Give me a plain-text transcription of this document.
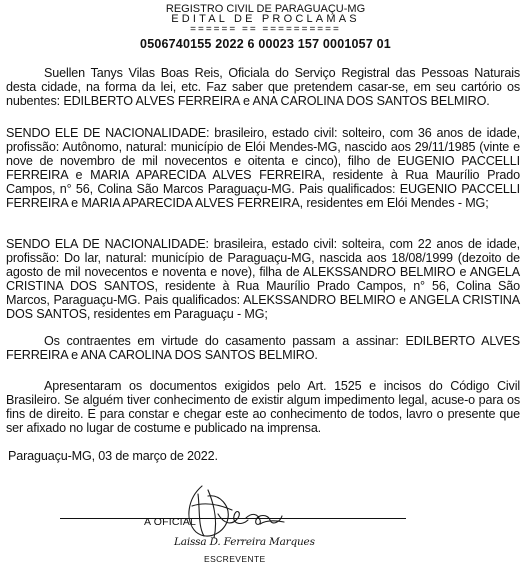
REGISTRO CIVIL DE PARAGUAÇU-MG
EDITAL DE PROCLAMAS
====== == ==========
0506740155 2022 6 00023 157 0001057 01

Suellen Tanys Vilas Boas Reis, Oficiala do Serviço Registral das Pessoas Naturais desta cidade, na forma da lei, etc. Faz saber que pretendem casar-se, em seu cartório os nubentes: EDILBERTO ALVES FERREIRA e ANA CAROLINA DOS SANTOS BELMIRO.

SENDO ELE DE NACIONALIDADE: brasileiro, estado civil: solteiro, com 36 anos de idade, profissão: Autônomo, natural: município de Elói Mendes-MG, nascido aos 29/11/1985 (vinte e nove de novembro de mil novecentos e oitenta e cinco), filho de EUGENIO PACCELLI FERREIRA e MARIA APARECIDA ALVES FERREIRA, residente à Rua Maurílio Prado Campos, n° 56, Colina São Marcos Paraguaçu-MG. Pais qualificados: EUGENIO PACCELLI FERREIRA e MARIA APARECIDA ALVES FERREIRA, residentes em Elói Mendes - MG;

SENDO ELA DE NACIONALIDADE: brasileira, estado civil: solteira, com 22 anos de idade, profissão: Do lar, natural: município de Paraguaçu-MG, nascida aos 18/08/1999 (dezoito de agosto de mil novecentos e noventa e nove), filha de ALEKSSANDRO BELMIRO e ANGELA CRISTINA DOS SANTOS, residente à Rua Maurílio Prado Campos, n° 56, Colina São Marcos, Paraguaçu-MG. Pais qualificados: ALEKSSANDRO BELMIRO e ANGELA CRISTINA DOS SANTOS, residentes em Paraguaçu - MG;

Os contraentes em virtude do casamento passam a assinar: EDILBERTO ALVES FERREIRA e ANA CAROLINA DOS SANTOS BELMIRO.

Apresentaram os documentos exigidos pelo Art. 1525 e incisos do Código Civil Brasileiro. Se alguém tiver conhecimento de existir algum impedimento legal, acuse-o para os fins de direito. E para constar e chegar este ao conhecimento de todos, lavro o presente que ser afixado no lugar de costume e publicado na imprensa.

Paraguaçu-MG, 03 de março de 2022.

A OFICIAL
Laissa D. Ferreira Marques
ESCREVENTE
